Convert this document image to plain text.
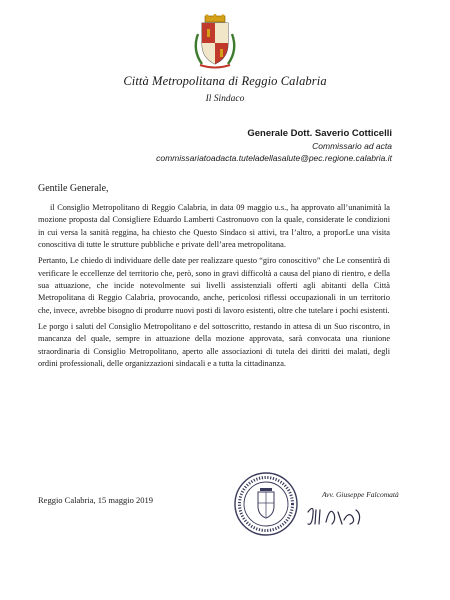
Città Metropolitana di Reggio Calabria
Il Sindaco
Generale Dott. Saverio Cotticelli
Commissario ad acta
commissariatoadacta.tuteladellasalute@pec.regione.calabria.it
Gentile Generale,

il Consiglio Metropolitano di Reggio Calabria, in data 09 maggio u.s., ha approvato all’unanimità la mozione proposta dal Consigliere Eduardo Lamberti Castronuovo con la quale, considerate le condizioni in cui versa la sanità reggina, ha chiesto che Questo Sindaco si attivi, tra l’altro, a proporLe una visita conoscitiva di tutte le strutture pubbliche e private dell’area metropolitana.

Pertanto, Le chiedo di individuare delle date per realizzare questo “giro conoscitivo” che Le consentirà di verificare le eccellenze del territorio che, però, sono in gravi difficoltà a causa del piano di rientro, e della sua attuazione, che incide notevolmente sui livelli assistenziali offerti agli abitanti della Città Metropolitana di Reggio Calabria, provocando, anche, pericolosi riflessi occupazionali in un territorio che, invece, avrebbe bisogno di produrre nuovi posti di lavoro esistenti, oltre che tutelare i pochi esistenti.

Le porgo i saluti del Consiglio Metropolitano e del sottoscritto, restando in attesa di un Suo riscontro, in mancanza del quale, sempre in attuazione della mozione approvata, sarà convocata una riunione straordinaria di Consiglio Metropolitano, aperto alle associazioni di tutela dei diritti dei malati, degli ordini professionali, delle organizzazioni sindacali e a tutta la cittadinanza.

Reggio Calabria, 15 maggio 2019
Avv. Giuseppe Falcomatà
